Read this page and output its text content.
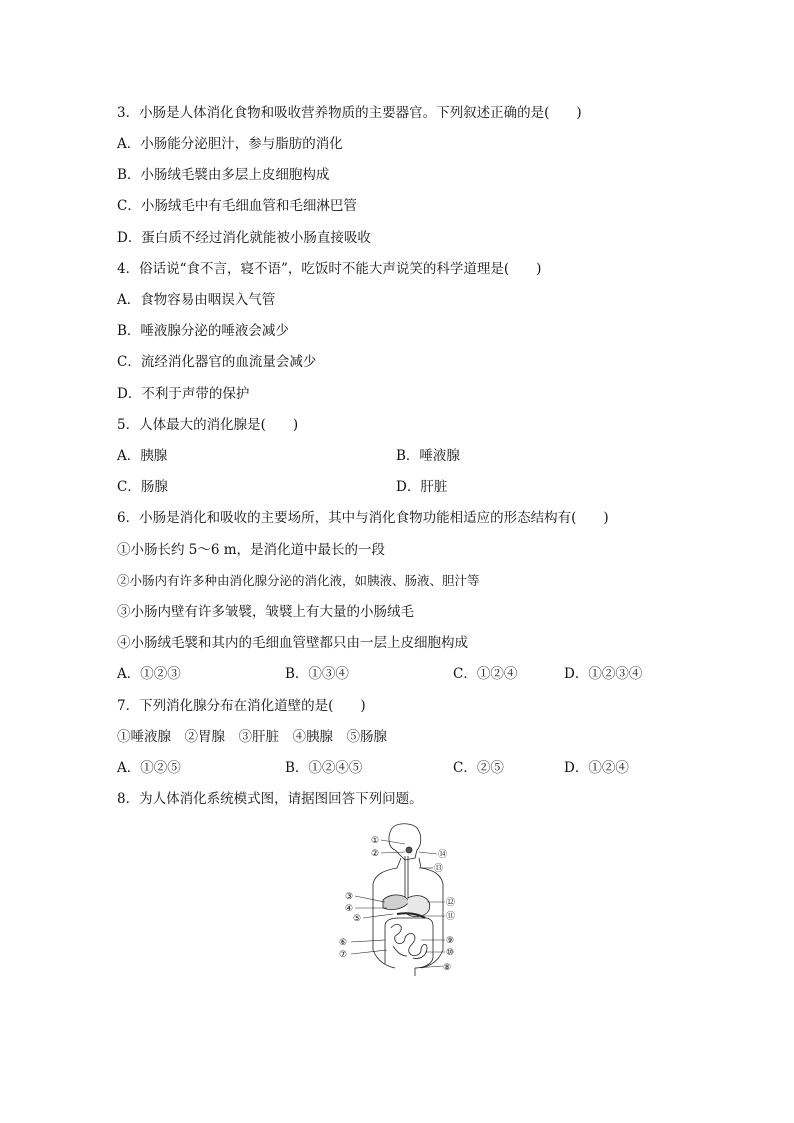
3．小肠是人体消化食物和吸收营养物质的主要器官。下列叙述正确的是(　　)
A．小肠能分泌胆汁，参与脂肪的消化
B．小肠绒毛襞由多层上皮细胞构成
C．小肠绒毛中有毛细血管和毛细淋巴管
D．蛋白质不经过消化就能被小肠直接吸收
4．俗话说“食不言，寝不语”，吃饭时不能大声说笑的科学道理是(　　)
A．食物容易由咽误入气管
B．唾液腺分泌的唾液会减少
C．流经消化器官的血流量会减少
D．不利于声带的保护
5．人体最大的消化腺是(　　)
A．胰腺	B．唾液腺
C．肠腺	D．肝脏
6．小肠是消化和吸收的主要场所，其中与消化食物功能相适应的形态结构有(　　)
①小肠长约 5～6 m，是消化道中最长的一段
②小肠内有许多种由消化腺分泌的消化液，如胰液、肠液、胆汁等
③小肠内壁有许多皱襞，皱襞上有大量的小肠绒毛
④小肠绒毛襞和其内的毛细血管壁都只由一层上皮细胞构成
A．①②③	B．①③④	C．①②④	D．①②③④
7．下列消化腺分布在消化道壁的是(　　)
①唾液腺　②胃腺　③肝脏　④胰腺　⑤肠腺
A．①②⑤	B．①②④⑤	C．②⑤	D．①②④
8．为人体消化系统模式图，请据图回答下列问题。
①
②	⑭
⑬
③
④
⑤
⑫
⑪
⑥
⑦
⑨
⑩
⑧
